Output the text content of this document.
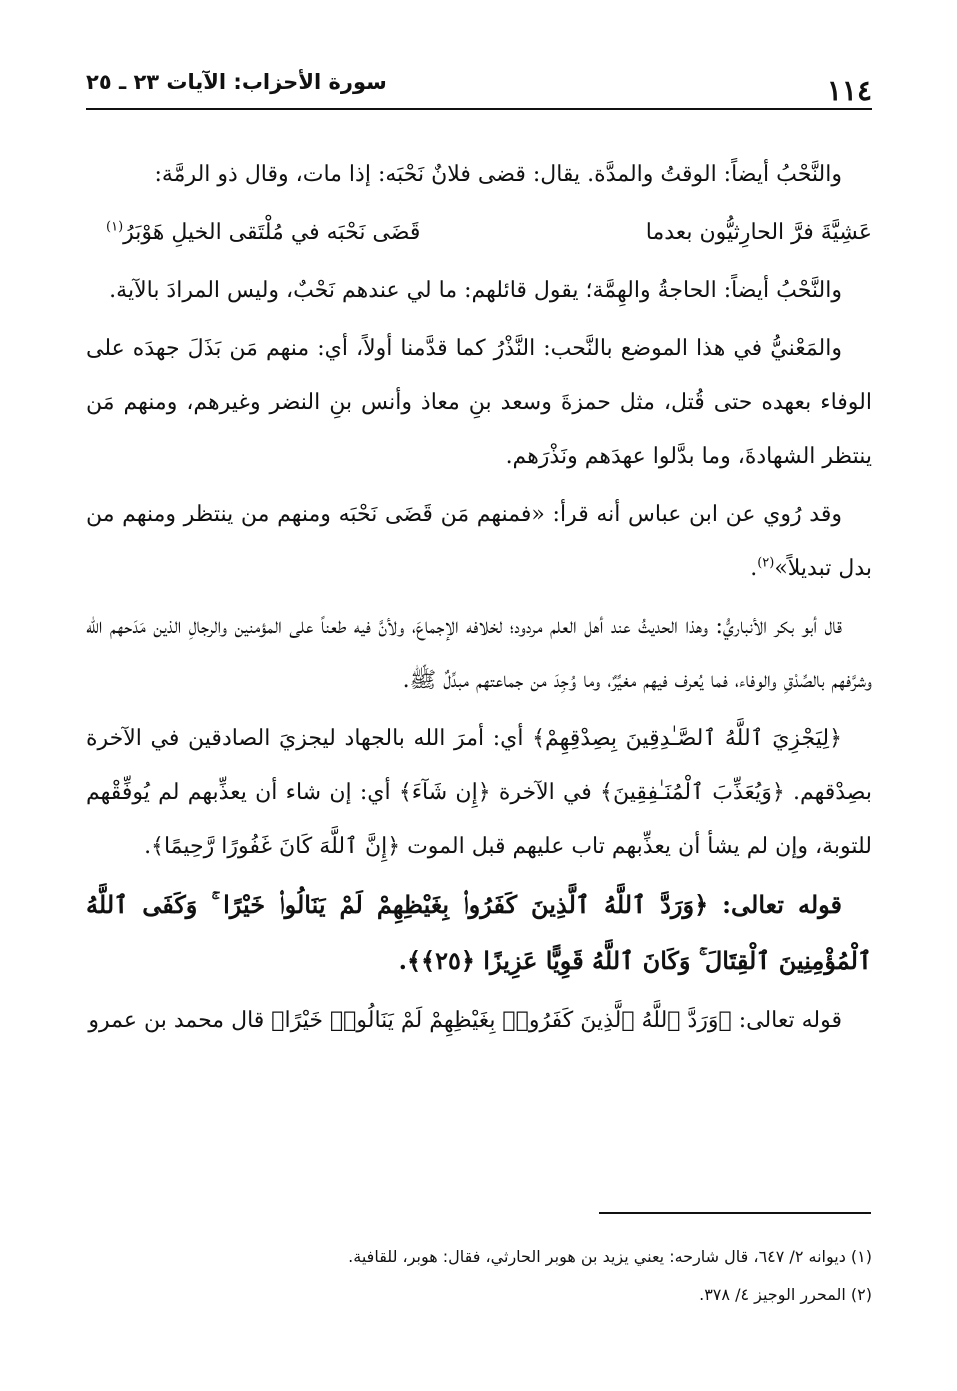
١١٤
سورة الأحزاب: الآيات ٢٣ ـ ٢٥

والنَّحْبُ أيضاً: الوقتُ والمدَّة. يقال: قضى فلانٌ نَحْبَه: إذا مات، وقال ذو الرمَّة:

عَشِيَّةَ فرَّ الحارِثيُّون بعدما
قَضَى نَحْبَه في مُلْتَقى الخيلِ هَوْبَرُ$^{(١)}$

والنَّحْبُ أيضاً: الحاجةُ والهِمَّة؛ يقول قائلهم: ما لي عندهم نَحْبٌ، وليس المرادَ بالآية.

والمَعْنيُّ في هذا الموضع بالنَّحب: النَّذْرُ كما قدَّمنا أولاً، أي: منهم مَن بَذَلَ جهدَه على الوفاء بعهده حتى قُتل، مثل حمزةَ وسعد بنِ معاذ وأنس بنِ النضر وغيرهم، ومنهم مَن ينتظر الشهادةَ، وما بدَّلوا عهدَهم ونَذْرَهم.

وقد رُوي عن ابن عباس أنه قرأ: «فمنهم مَن قَضَى نَحْبَه ومنهم من ينتظر ومنهم من بدل تبديلاً»$^{(٢)}$.

قال أبو بكر الأنباريُّ: وهذا الحديثُ عند أهل العلم مردود؛ لخلافه الإجماعَ، ولأنَّ فيه طعناً على المؤمنين والرجالِ الذين مَدَحهم الله وشرَّفهم بالصِّدْقِ والوفاء، فما يُعرف فيهم مغيِّرٌ، وما وُجِدَ من جماعتهم مبدِّلٌ ﷺ.

﴿لِيَجْزِيَ ٱللَّهُ ٱلصَّـٰدِقِينَ بِصِدْقِهِمْ﴾ أي: أمرَ الله بالجهاد ليجزيَ الصادقين في الآخرة بصِدْقهم. ﴿وَيُعَذِّبَ ٱلْمُنَـٰفِقِينَ﴾ في الآخرة ﴿إِن شَآءَ﴾ أي: إن شاء أن يعذِّبهم لم يُوفِّقْهم للتوبة، وإن لم يشأ أن يعذِّبهم تاب عليهم قبل الموت ﴿إِنَّ ٱللَّهَ كَانَ غَفُورًا رَّحِيمًا﴾.

قوله تعالى: ﴿وَرَدَّ ٱللَّهُ ٱلَّذِينَ كَفَرُوا۟ بِغَيْظِهِمْ لَمْ يَنَالُوا۟ خَيْرًا ۚ وَكَفَى ٱللَّهُ ٱلْمُؤْمِنِينَ ٱلْقِتَالَ ۚ وَكَانَ ٱللَّهُ قَوِيًّا عَزِيزًا ﴿٢٥﴾﴾.

قوله تعالى: ﴿وَرَدَّ ٱللَّهُ ٱلَّذِينَ كَفَرُوا۟ بِغَيْظِهِمْ لَمْ يَنَالُوا۟ خَيْرًا﴾ قال محمد بن عمرو

(١) ديوانه ٢/ ٦٤٧، قال شارحه: يعني يزيد بن هوبر الحارثي، فقال: هوبر، للقافية.
(٢) المحرر الوجيز ٤/ ٣٧٨.
